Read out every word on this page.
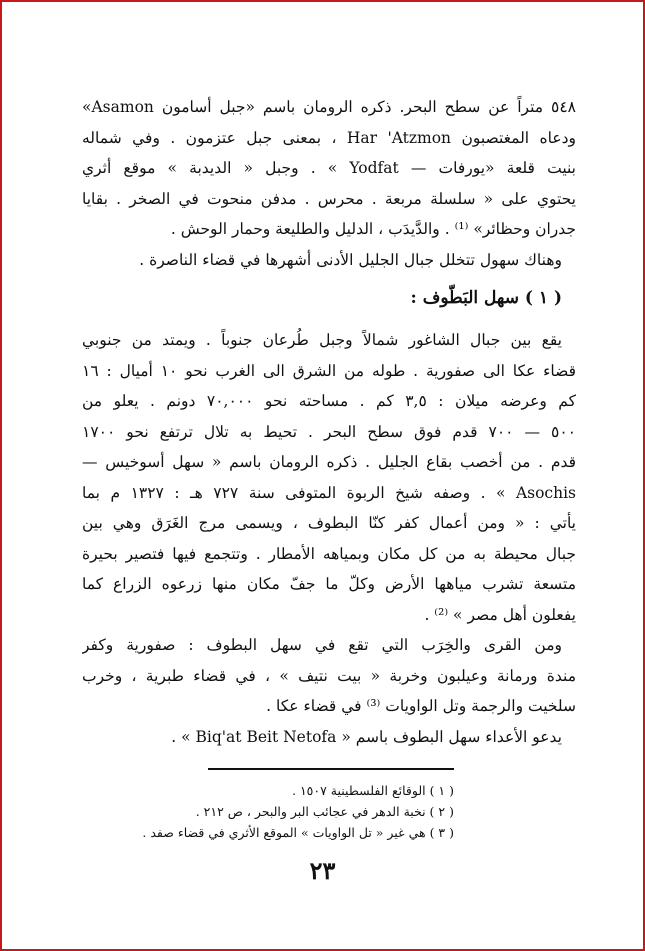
٥٤٨ متراً عن سطح البحر. ذكره الرومان باسم «جبل أسامون Asamon»
ودعاه المغتصبون Har 'Atzmon ، بمعنى جبل عتزمون . وفي شماله
بنيت قلعة «يورفات — Yodfat » . وجبل « الديدبة » موقع أثري
يحتوي على « سلسلة مربعة . محرس . مدفن منحوت في الصخر . بقايا
جدران وحظائر» ⁽¹⁾ . والدَّيدَب ، الدليل والطليعة وحمار الوحش .
وهناك سهول تتخلل جبال الجليل الأدنى أشهرها في قضاء الناصرة .
( ١ ) سهل البَطّوف :
يقع بين جبال الشاغور شمالاً وجبل طُرعان جنوباً . ويمتد من جنوبي
قضاء عكا الى صفورية . طوله من الشرق الى الغرب نحو ١٠ أميال : ١٦
كم وعرضه ميلان : ٣,٥ كم . مساحته نحو ٧٠,٠٠٠ دونم . يعلو من
٥٠٠ — ٧٠٠ قدم فوق سطح البحر . تحيط به تلال ترتفع نحو ١٧٠٠
قدم . من أخصب بقاع الجليل . ذكره الرومان باسم « سهل أسوخيس —
Asochis » . وصفه شيخ الربوة المتوفى سنة ٧٢٧ هـ : ١٣٢٧ م بما
يأتي : « ومن أعمال كفر كنّا البطوف ، ويسمى مرج الغَرَق وهي بين
جبال محيطة به من كل مكان وبمياهه الأمطار . وتتجمع فيها فتصير بحيرة
متسعة تشرب مياهها الأرض وكلّ ما جفّ مكان منها زرعوه الزراع كما
يفعلون أهل مصر » ⁽²⁾ .
ومن القرى والخِرَب التي تقع في سهل البطوف : صفورية وكفر
مندة ورمانة وعيلبون وخربة « بيت نتيف » ، في قضاء طبرية ، وخرب
سلخيت والرجمة وتل الواويات ⁽³⁾ في قضاء عكا .
يدعو الأعداء سهل البطوف باسم « Biq'at Beit Netofa » .
( ١ ) الوقائع الفلسطينية ١٥٠٧ .
( ٢ ) نخبة الدهر في عجائب البر والبحر ، ص ٢١٢ .
( ٣ ) هي غير « تل الواويات » الموقع الأثري في قضاء صفد .
٢٣
